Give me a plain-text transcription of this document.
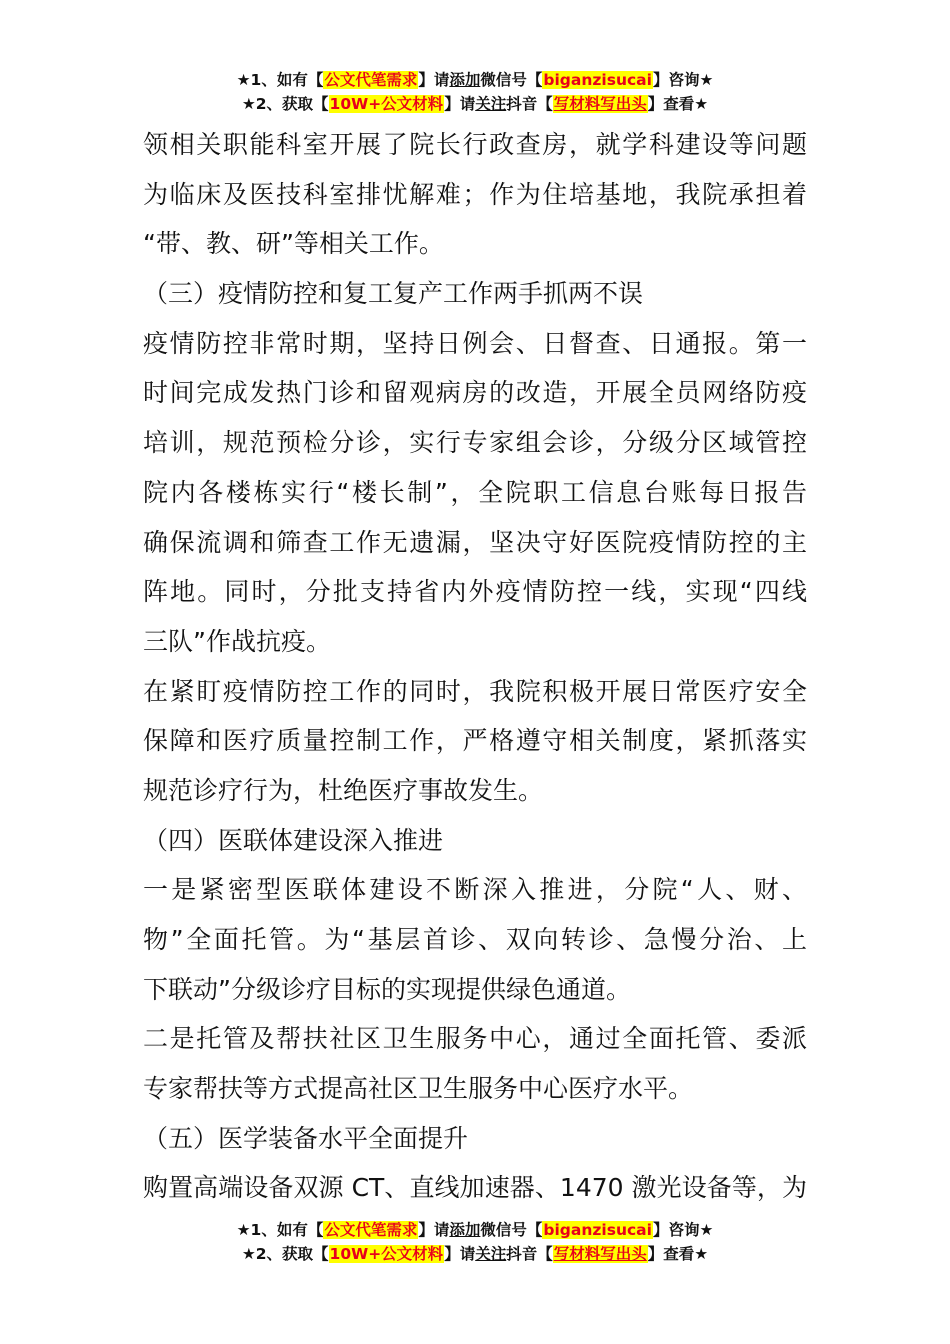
★1、如有【公文代笔需求】请添加微信号【biganzisucai】咨询★
★2、获取【10W+公文材料】请关注抖音【写材料写出头】查看★
领相关职能科室开展了院长行政查房，就学科建设等问题
为临床及医技科室排忧解难；作为住培基地，我院承担着
“带、教、研”等相关工作。
（三）疫情防控和复工复产工作两手抓两不误
疫情防控非常时期，坚持日例会、日督查、日通报。第一
时间完成发热门诊和留观病房的改造，开展全员网络防疫
培训，规范预检分诊，实行专家组会诊，分级分区域管控
院内各楼栋实行“楼长制”，全院职工信息台账每日报告
确保流调和筛查工作无遗漏，坚决守好医院疫情防控的主
阵地。同时，分批支持省内外疫情防控一线，实现“四线
三队”作战抗疫。
在紧盯疫情防控工作的同时，我院积极开展日常医疗安全
保障和医疗质量控制工作，严格遵守相关制度，紧抓落实
规范诊疗行为，杜绝医疗事故发生。
（四）医联体建设深入推进
一是紧密型医联体建设不断深入推进，分院“人、财、
物”全面托管。为“基层首诊、双向转诊、急慢分治、上
下联动”分级诊疗目标的实现提供绿色通道。
二是托管及帮扶社区卫生服务中心，通过全面托管、委派
专家帮扶等方式提高社区卫生服务中心医疗水平。
（五）医学装备水平全面提升
购置高端设备双源 CT、直线加速器、1470 激光设备等，为
★1、如有【公文代笔需求】请添加微信号【biganzisucai】咨询★
★2、获取【10W+公文材料】请关注抖音【写材料写出头】查看★
